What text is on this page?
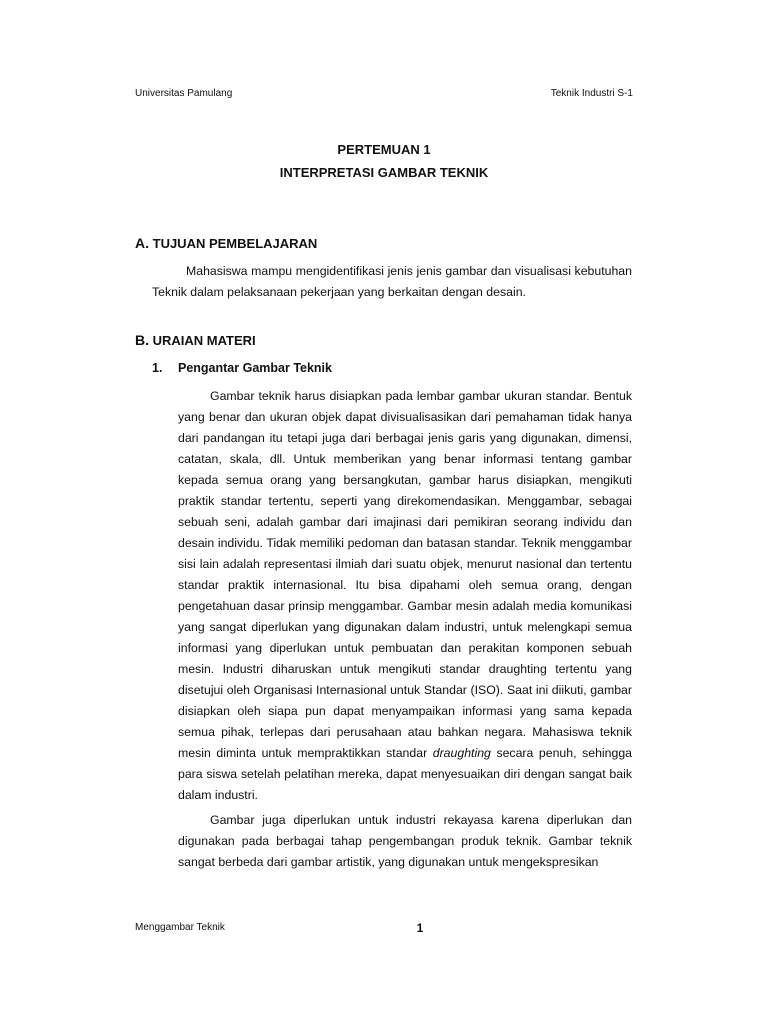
Universitas Pamulang	Teknik Industri S-1
PERTEMUAN 1
INTERPRETASI GAMBAR TEKNIK
A. TUJUAN PEMBELAJARAN

Mahasiswa mampu mengidentifikasi jenis jenis gambar dan visualisasi kebutuhan Teknik dalam pelaksanaan pekerjaan yang berkaitan dengan desain.

B. URAIAN MATERI
1. Pengantar Gambar Teknik

Gambar teknik harus disiapkan pada lembar gambar ukuran standar. Bentuk yang benar dan ukuran objek dapat divisualisasikan dari pemahaman tidak hanya dari pandangan itu tetapi juga dari berbagai jenis garis yang digunakan, dimensi, catatan, skala, dll. Untuk memberikan yang benar informasi tentang gambar kepada semua orang yang bersangkutan, gambar harus disiapkan, mengikuti praktik standar tertentu, seperti yang direkomendasikan. Menggambar, sebagai sebuah seni, adalah gambar dari imajinasi dari pemikiran seorang individu dan desain individu. Tidak memiliki pedoman dan batasan standar. Teknik menggambar sisi lain adalah representasi ilmiah dari suatu objek, menurut nasional dan tertentu standar praktik internasional. Itu bisa dipahami oleh semua orang, dengan pengetahuan dasar prinsip menggambar. Gambar mesin adalah media komunikasi yang sangat diperlukan yang digunakan dalam industri, untuk melengkapi semua informasi yang diperlukan untuk pembuatan dan perakitan komponen sebuah mesin. Industri diharuskan untuk mengikuti standar draughting tertentu yang disetujui oleh Organisasi Internasional untuk Standar (ISO). Saat ini diikuti, gambar disiapkan oleh siapa pun dapat menyampaikan informasi yang sama kepada semua pihak, terlepas dari perusahaan atau bahkan negara. Mahasiswa teknik mesin diminta untuk mempraktikkan standar draughting secara penuh, sehingga para siswa setelah pelatihan mereka, dapat menyesuaikan diri dengan sangat baik dalam industri.

Gambar juga diperlukan untuk industri rekayasa karena diperlukan dan digunakan pada berbagai tahap pengembangan produk teknik. Gambar teknik sangat berbeda dari gambar artistik, yang digunakan untuk mengekspresikan

Menggambar Teknik	1
